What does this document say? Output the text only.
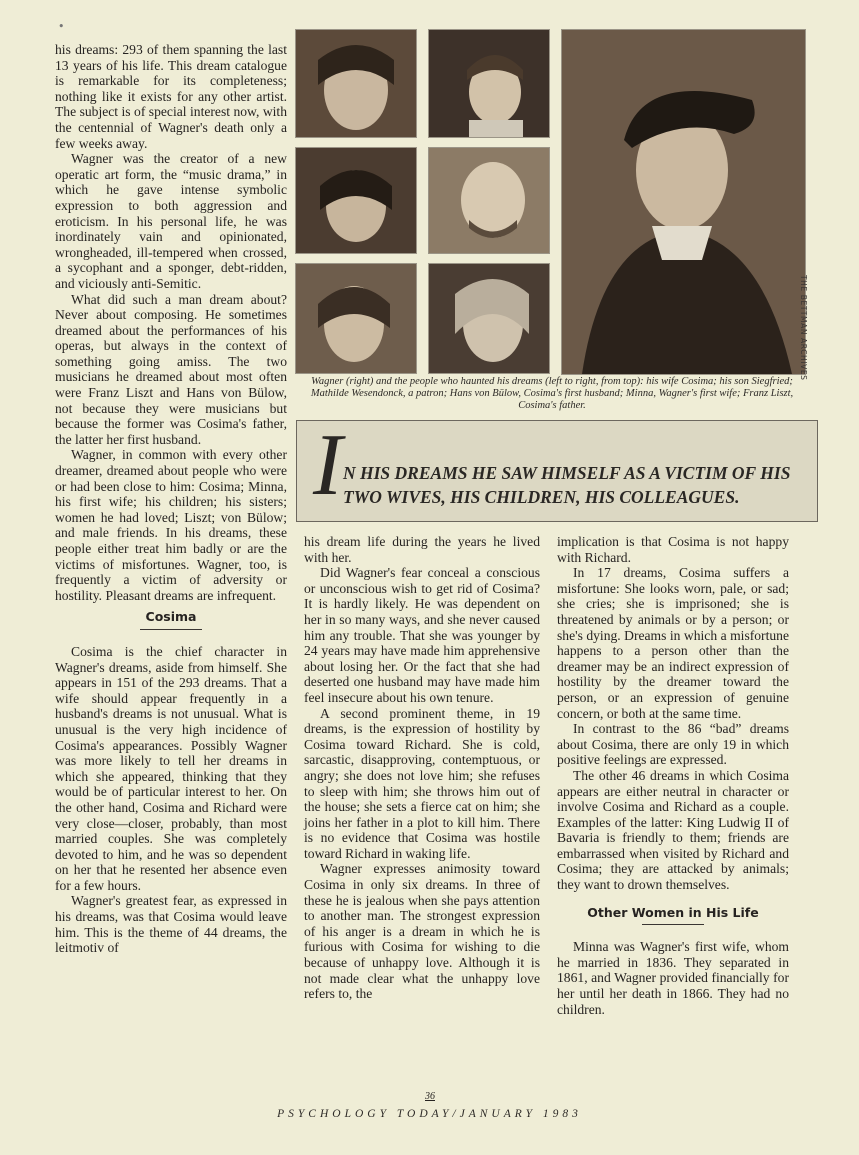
•

his dreams: 293 of them spanning the last 13 years of his life. This dream catalogue is remarkable for its completeness; nothing like it exists for any other artist. The subject is of special interest now, with the centennial of Wagner's death only a few weeks away.

Wagner was the creator of a new operatic art form, the “music drama,” in which he gave intense symbolic expression to both aggression and eroticism. In his personal life, he was inordinately vain and opinionated, wrongheaded, ill-tempered when crossed, a sycophant and a sponger, debt-ridden, and viciously anti-Semitic.

What did such a man dream about? Never about composing. He sometimes dreamed about the performances of his operas, but always in the context of something going amiss. The two musicians he dreamed about most often were Franz Liszt and Hans von Bülow, not because they were musicians but because the former was Cosima's father, the latter her first husband.

Wagner, in common with every other dreamer, dreamed about people who were or had been close to him: Cosima; Minna, his first wife; his children; his sisters; women he had loved; Liszt; von Bülow; and male friends. In his dreams, these people either treat him badly or are the victims of misfortunes. Wagner, too, is frequently a victim of adversity or hostility. Pleasant dreams are infrequent.

Cosima

Cosima is the chief character in Wagner's dreams, aside from himself. She appears in 151 of the 293 dreams. That a wife should appear frequently in a husband's dreams is not unusual. What is unusual is the very high incidence of Cosima's appearances. Possibly Wagner was more likely to tell her dreams in which she appeared, thinking that they would be of particular interest to her. On the other hand, Cosima and Richard were very close—closer, probably, than most married couples. She was completely devoted to him, and he was so dependent on her that he resented her absence even for a few hours.

Wagner's greatest fear, as expressed in his dreams, was that Cosima would leave him. This is the theme of 44 dreams, the leitmotiv of

THE BETTMAN ARCHIVES
Wagner (right) and the people who haunted his dreams (left to right, from top): his wife Cosima; his son Siegfried; Mathilde Wesendonck, a patron; Hans von Bülow, Cosima's first husband; Minna, Wagner's first wife; Franz Liszt, Cosima's father.
I N HIS DREAMS HE SAW HIMSELF AS A VICTIM OF HIS TWO WIVES, HIS CHILDREN, HIS COLLEAGUES.

his dream life during the years he lived with her.

Did Wagner's fear conceal a conscious or unconscious wish to get rid of Cosima? It is hardly likely. He was dependent on her in so many ways, and she never caused him any trouble. That she was younger by 24 years may have made him apprehensive about losing her. Or the fact that she had deserted one husband may have made him feel insecure about his own tenure.

A second prominent theme, in 19 dreams, is the expression of hostility by Cosima toward Richard. She is cold, sarcastic, disapproving, contemptuous, or angry; she does not love him; she refuses to sleep with him; she throws him out of the house; she sets a fierce cat on him; she joins her father in a plot to kill him. There is no evidence that Cosima was hostile toward Richard in waking life.

Wagner expresses animosity toward Cosima in only six dreams. In three of these he is jealous when she pays attention to another man. The strongest expression of his anger is a dream in which he is furious with Cosima for wishing to die because of unhappy love. Although it is not made clear what the unhappy love refers to, the

implication is that Cosima is not happy with Richard.

In 17 dreams, Cosima suffers a misfortune: She looks worn, pale, or sad; she cries; she is imprisoned; she is threatened by animals or by a person; or she's dying. Dreams in which a misfortune happens to a person other than the dreamer may be an indirect expression of hostility by the dreamer toward the person, or an expression of genuine concern, or both at the same time.

In contrast to the 86 “bad” dreams about Cosima, there are only 19 in which positive feelings are expressed.

The other 46 dreams in which Cosima appears are either neutral in character or involve Cosima and Richard as a couple. Examples of the latter: King Ludwig II of Bavaria is friendly to them; friends are embarrassed when visited by Richard and Cosima; they are attacked by animals; they want to drown themselves.

Other Women in His Life

Minna was Wagner's first wife, whom he married in 1836. They separated in 1861, and Wagner provided financially for her until her death in 1866. They had no children.

36
PSYCHOLOGY TODAY/JANUARY 1983
